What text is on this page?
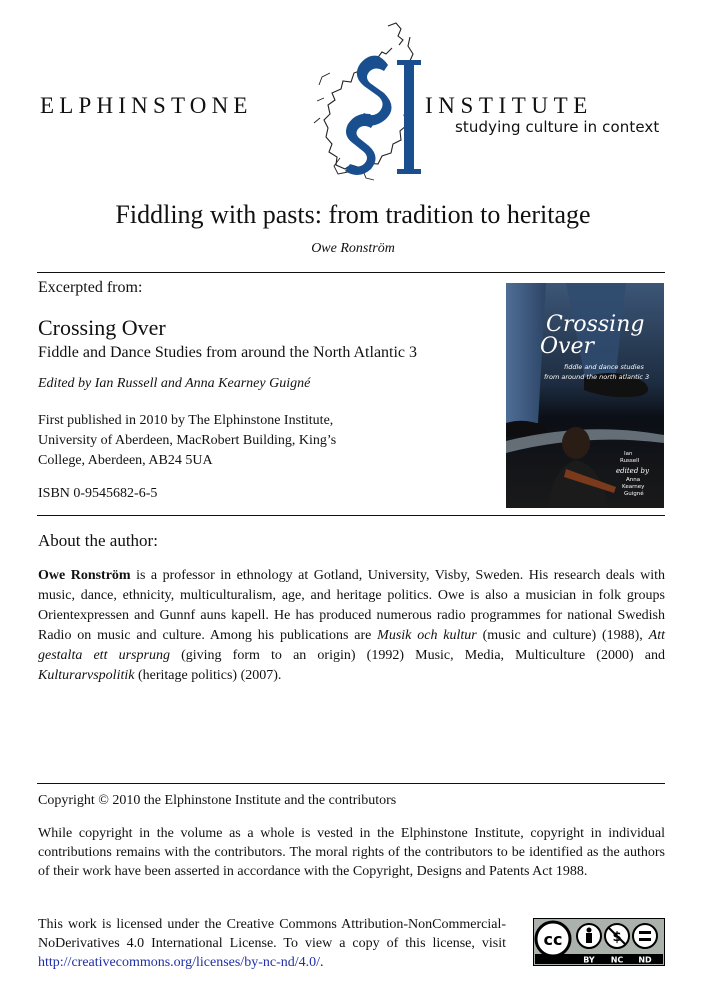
ELPHINSTONE	INSTITUTE
studying culture in context
Fiddling with pasts: from tradition to heritage
Owe Ronström
Excerpted from:
Crossing Over
Fiddle and Dance Studies from around the North Atlantic 3
Edited by Ian Russell and Anna Kearney Guigné
First published in 2010 by The Elphinstone Institute, University of Aberdeen, MacRobert Building, King’s College, Aberdeen, AB24 5UA
ISBN 0-9545682-6-5
Crossing
Over
fiddle and dance studies
from around the north atlantic 3
Ian
Russell
edited by
Anna
Kearney
Guigné
About the author:
Owe Ronström is a professor in ethnology at Gotland, University, Visby, Sweden. His research deals with music, dance, ethnicity, multiculturalism, age, and heritage politics. Owe is also a musician in folk groups Orientexpressen and Gunnf auns kapell. He has produced numerous radio programmes for national Swedish Radio on music and culture. Among his publications are Musik och kultur (music and culture) (1988), Att gestalta ett ursprung (giving form to an origin) (1992) Music, Media, Multiculture (2000) and Kulturarvspolitik (heritage politics) (2007).
Copyright © 2010 the Elphinstone Institute and the contributors
While copyright in the volume as a whole is vested in the Elphinstone Institute, copyright in individual contributions remains with the contributors. The moral rights of the contributors to be identified as the authors of their work have been asserted in accordance with the Copyright, Designs and Patents Act 1988.
This work is licensed under the Creative Commons Attribution-NonCommercial-NoDerivatives 4.0 International License. To view a copy of this license, visit http://creativecommons.org/licenses/by-nc-nd/4.0/.
cc	$
BY NC ND
